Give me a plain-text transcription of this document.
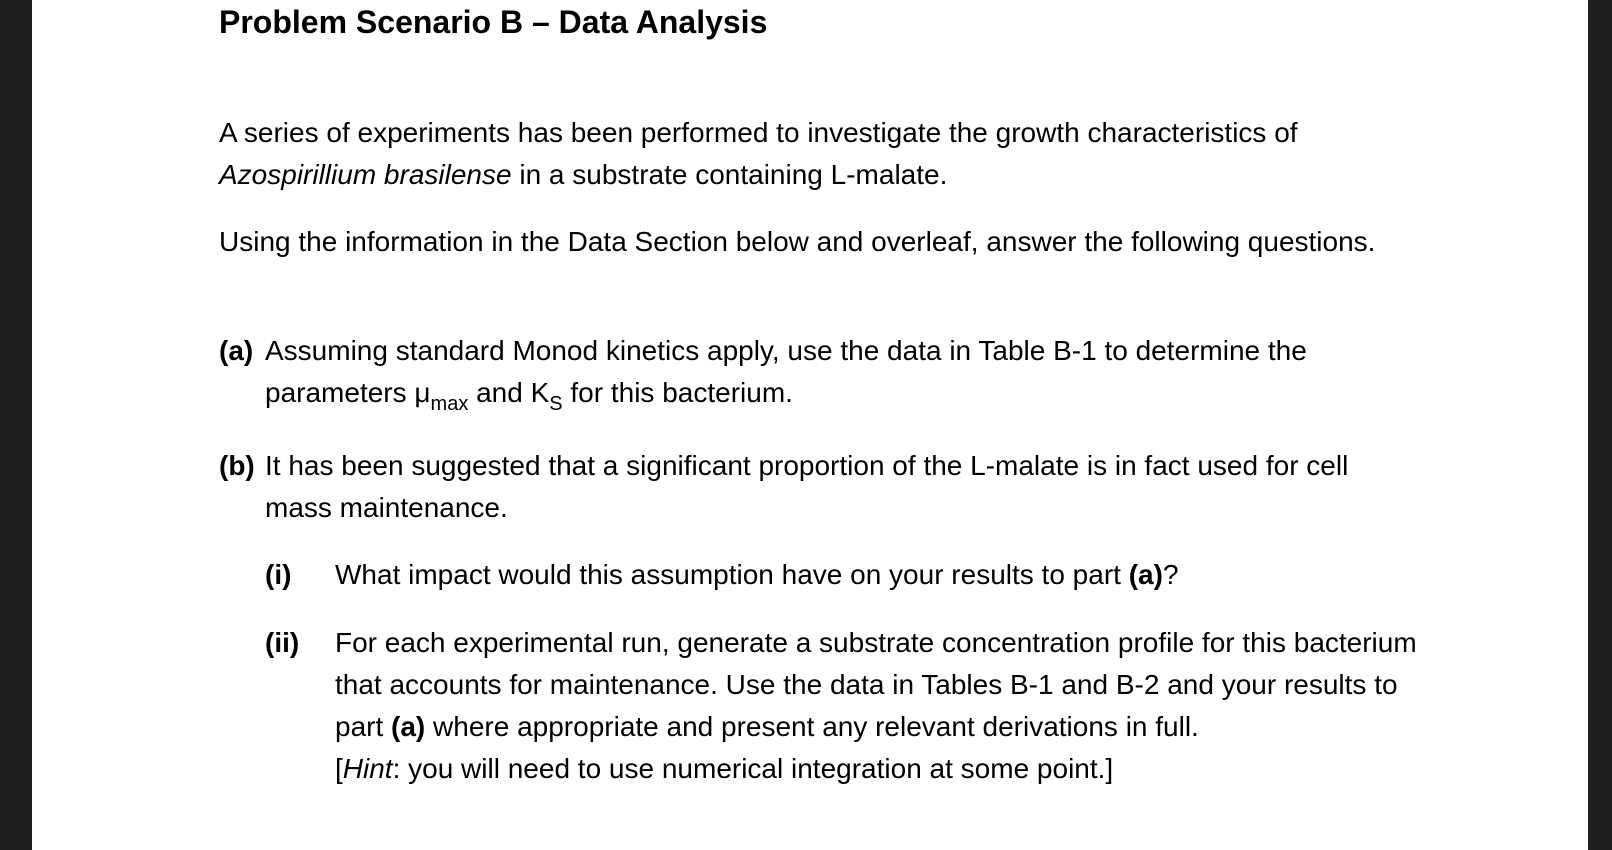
Problem Scenario B – Data Analysis

A series of experiments has been performed to investigate the growth characteristics of Azospirillium brasilense in a substrate containing L-malate.

Using the information in the Data Section below and overleaf, answer the following questions.

(a) Assuming standard Monod kinetics apply, use the data in Table B-1 to determine the parameters $\mu_{max}$ and $K_S$ for this bacterium.

(b) It has been suggested that a significant proportion of the L-malate is in fact used for cell mass maintenance.

(i) What impact would this assumption have on your results to part (a)?

(ii) For each experimental run, generate a substrate concentration profile for this bacterium that accounts for maintenance. Use the data in Tables B-1 and B-2 and your results to part (a) where appropriate and present any relevant derivations in full.

[Hint: you will need to use numerical integration at some point.]
